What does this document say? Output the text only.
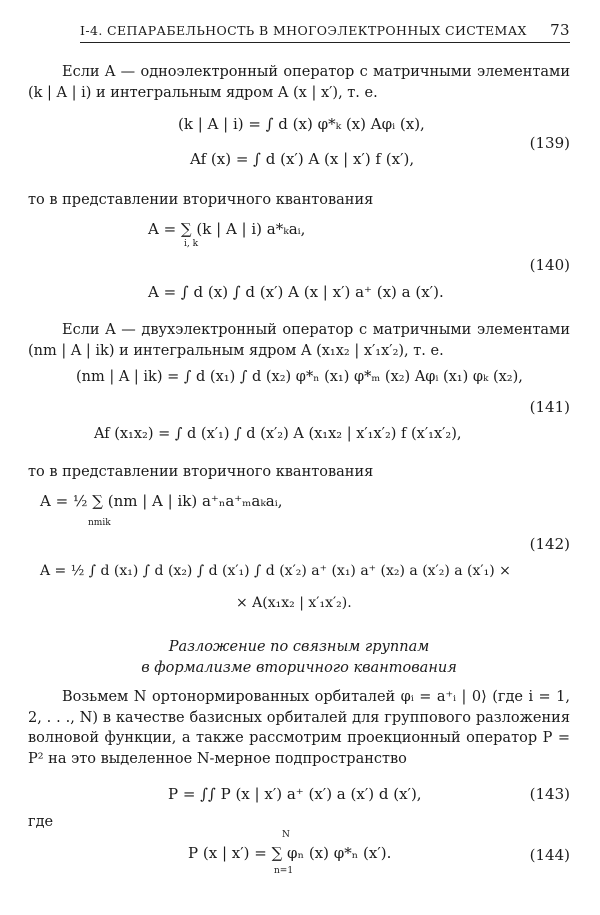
I-4. СЕПАРАБЕЛЬНОСТЬ В МНОГОЭЛЕКТРОННЫХ СИСТЕМАХ 73
Если A — одноэлектронный оператор с матричными элементами (k | A | i) и интегральным ядром A (x | x′), т. е.
(k | A | i) = ∫ d (x) φ*ₖ (x) Aφᵢ (x),
Af (x) = ∫ d (x′) A (x | x′) f (x′),
(139)
то в представлении вторичного квантования
A = ∑ (k | A | i) a*ₖaᵢ,
i, k
(140)
A = ∫ d (x) ∫ d (x′) A (x | x′) a⁺ (x) a (x′).
Если A — двухэлектронный оператор с матричными элементами (nm | A | ik) и интегральным ядром A (x₁x₂ | x′₁x′₂), т. е.
(nm | A | ik) = ∫ d (x₁) ∫ d (x₂) φ*ₙ (x₁) φ*ₘ (x₂) Aφᵢ (x₁) φₖ (x₂),
(141)
Af (x₁x₂) = ∫ d (x′₁) ∫ d (x′₂) A (x₁x₂ | x′₁x′₂) f (x′₁x′₂),
то в представлении вторичного квантования
A = ½ ∑ (nm | A | ik) a⁺ₙa⁺ₘaₖaᵢ,
nmik
(142)
A = ½ ∫ d (x₁) ∫ d (x₂) ∫ d (x′₁) ∫ d (x′₂) a⁺ (x₁) a⁺ (x₂) a (x′₂) a (x′₁) ×
× A(x₁x₂ | x′₁x′₂).
Разложение по связным группам
в формализме вторичного квантования
Возьмем N ортонормированных орбиталей φᵢ = a⁺ᵢ | 0⟩ (где i = 1, 2, . . ., N) в качестве базисных орбиталей для группового разложения волновой функции, а также рассмотрим проекционный оператор P = P² на это выделенное N-мерное подпространство
P = ∫∫ P (x | x′) a⁺ (x′) a (x′) d (x′),	(143)
где
N
P (x | x′) = ∑ φₙ (x) φ*ₙ (x′).
n=1
(144)
